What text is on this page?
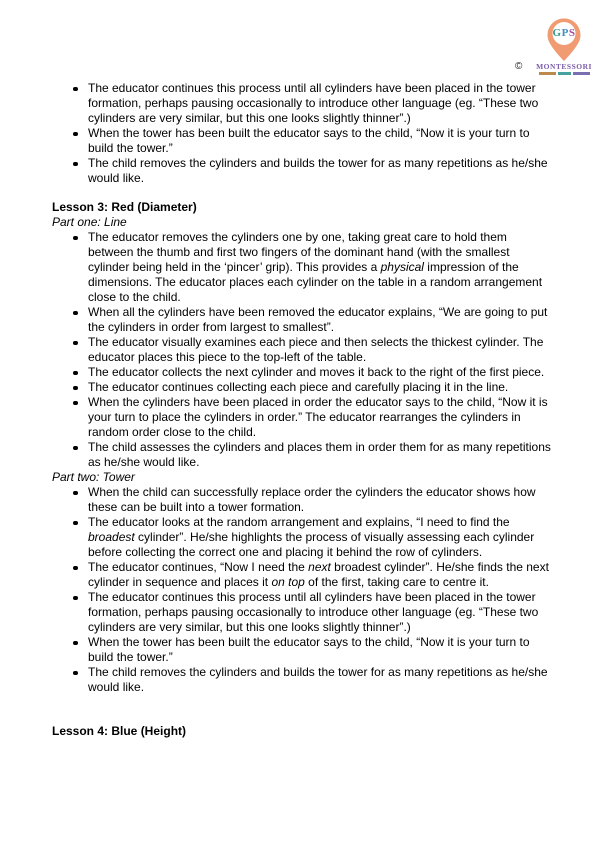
©
GPS
MONTESSORI
The educator continues this process until all cylinders have been placed in the tower formation, perhaps pausing occasionally to introduce other language (eg. “These two cylinders are very similar, but this one looks slightly thinner”.)
When the tower has been built the educator says to the child, “Now it is your turn to build the tower.”
The child removes the cylinders and builds the tower for as many repetitions as he/she would like.
Lesson 3: Red (Diameter)

Part one: Line

The educator removes the cylinders one by one, taking great care to hold them between the thumb and first two fingers of the dominant hand (with the smallest cylinder being held in the ‘pincer’ grip). This provides a physical impression of the dimensions. The educator places each cylinder on the table in a random arrangement close to the child.
When all the cylinders have been removed the educator explains, “We are going to put the cylinders in order from largest to smallest”.
The educator visually examines each piece and then selects the thickest cylinder. The educator places this piece to the top-left of the table.
The educator collects the next cylinder and moves it back to the right of the first piece.
The educator continues collecting each piece and carefully placing it in the line.
When the cylinders have been placed in order the educator says to the child, “Now it is your turn to place the cylinders in order.” The educator rearranges the cylinders in random order close to the child.
The child assesses the cylinders and places them in order them for as many repetitions as he/she would like.

Part two: Tower

When the child can successfully replace order the cylinders the educator shows how these can be built into a tower formation.
The educator looks at the random arrangement and explains, “I need to find the broadest cylinder”. He/she highlights the process of visually assessing each cylinder before collecting the correct one and placing it behind the row of cylinders.
The educator continues, “Now I need the next broadest cylinder”. He/she finds the next cylinder in sequence and places it on top of the first, taking care to centre it.
The educator continues this process until all cylinders have been placed in the tower formation, perhaps pausing occasionally to introduce other language (eg. “These two cylinders are very similar, but this one looks slightly thinner”.)
When the tower has been built the educator says to the child, “Now it is your turn to build the tower.”
The child removes the cylinders and builds the tower for as many repetitions as he/she would like.
Lesson 4: Blue (Height)
